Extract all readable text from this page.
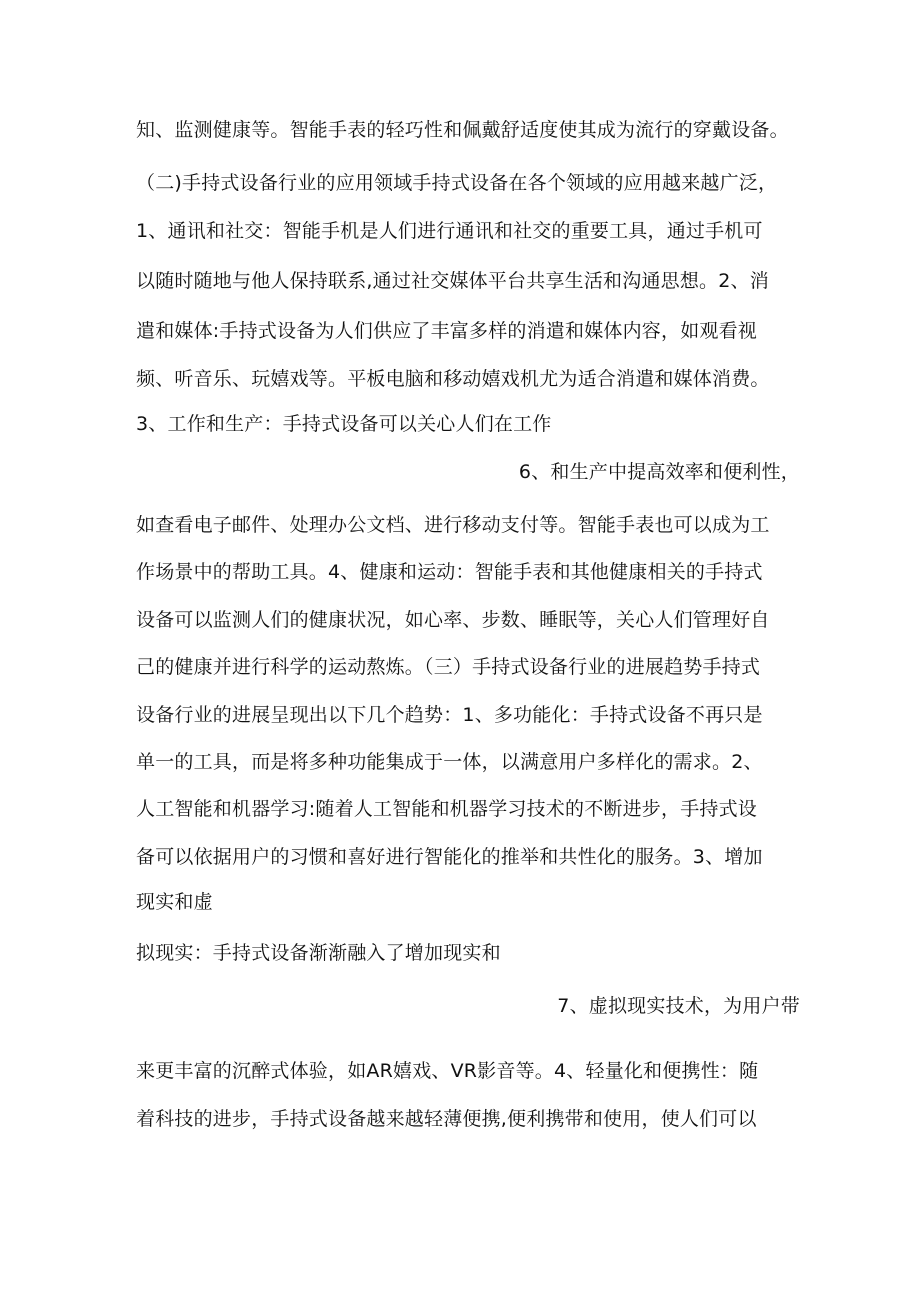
知、监测健康等。智能手表的轻巧性和佩戴舒适度使其成为流行的穿戴设备。
（二)手持式设备行业的应用领域手持式设备在各个领域的应用越来越广泛，
1、通讯和社交：智能手机是人们进行通讯和社交的重要工具，通过手机可
以随时随地与他人保持联系,通过社交媒体平台共享生活和沟通思想。2、消
遣和媒体:手持式设备为人们供应了丰富多样的消遣和媒体内容，如观看视
频、听音乐、玩嬉戏等。平板电脑和移动嬉戏机尤为适合消遣和媒体消费。
3、工作和生产：手持式设备可以关心人们在工作
6、和生产中提高效率和便利性，
如查看电子邮件、处理办公文档、进行移动支付等。智能手表也可以成为工
作场景中的帮助工具。4、健康和运动：智能手表和其他健康相关的手持式
设备可以监测人们的健康状况，如心率、步数、睡眠等，关心人们管理好自
己的健康并进行科学的运动熬炼。（三）手持式设备行业的进展趋势手持式
设备行业的进展呈现出以下几个趋势：1、多功能化：手持式设备不再只是
单一的工具，而是将多种功能集成于一体，以满意用户多样化的需求。2、
人工智能和机器学习:随着人工智能和机器学习技术的不断进步，手持式设
备可以依据用户的习惯和喜好进行智能化的推举和共性化的服务。3、增加
现实和虚
拟现实：手持式设备渐渐融入了增加现实和
7、虚拟现实技术，为用户带
来更丰富的沉醉式体验，如AR嬉戏、VR影音等。4、轻量化和便携性：随
着科技的进步，手持式设备越来越轻薄便携,便利携带和使用，使人们可以
